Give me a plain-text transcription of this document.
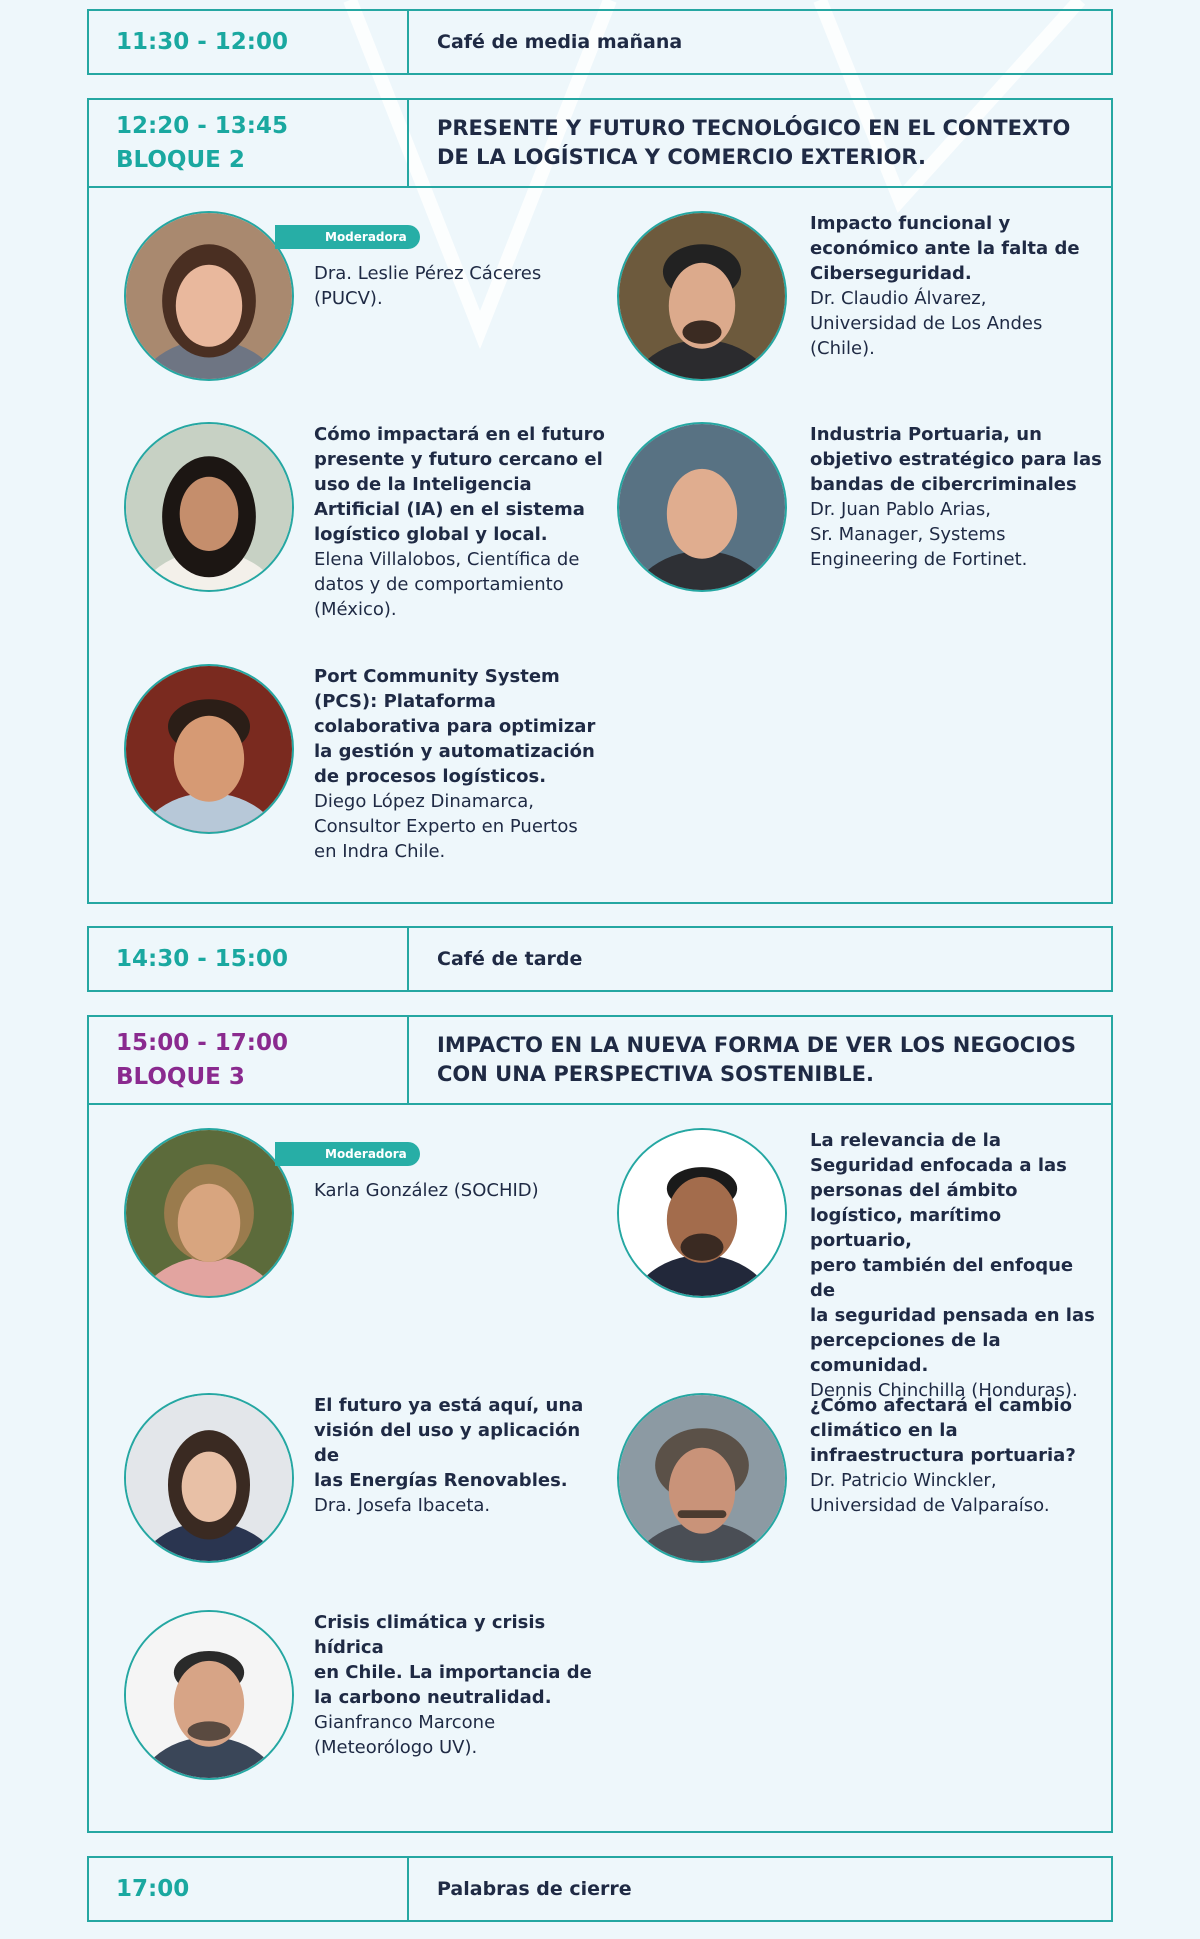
11:30 - 12:00	Café de media mañana
12:20 - 13:45
BLOQUE 2
PRESENTE Y FUTURO TECNOLÓGICO EN EL CONTEXTO
DE LA LOGÍSTICA Y COMERCIO EXTERIOR.
Moderadora
Dra. Leslie Pérez Cáceres
(PUCV).
Impacto funcional y
económico ante la falta de
Ciberseguridad.
Dr. Claudio Álvarez,
Universidad de Los Andes
(Chile).
Cómo impactará en el futuro
presente y futuro cercano el
uso de la Inteligencia
Artificial (IA) en el sistema
logístico global y local.
Elena Villalobos, Científica de
datos y de comportamiento
(México).
Industria Portuaria, un
objetivo estratégico para las
bandas de cibercriminales
Dr. Juan Pablo Arias,
Sr. Manager, Systems
Engineering de Fortinet.
Port Community System
(PCS): Plataforma
colaborativa para optimizar
la gestión y automatización
de procesos logísticos.
Diego López Dinamarca,
Consultor Experto en Puertos
en Indra Chile.
14:30 - 15:00	Café de tarde
15:00 - 17:00
BLOQUE 3
IMPACTO EN LA NUEVA FORMA DE VER LOS NEGOCIOS
CON UNA PERSPECTIVA SOSTENIBLE.
Moderadora
Karla González (SOCHID)
La relevancia de la
Seguridad enfocada a las
personas del ámbito
logístico, marítimo portuario,
pero también del enfoque de
la seguridad pensada en las
percepciones de la
comunidad.
Dennis Chinchilla (Honduras).
El futuro ya está aquí, una
visión del uso y aplicación de
las Energías Renovables.
Dra. Josefa Ibaceta.
¿Cómo afectará el cambio
climático en la
infraestructura portuaria?
Dr. Patricio Winckler,
Universidad de Valparaíso.
Crisis climática y crisis hídrica
en Chile. La importancia de
la carbono neutralidad.
Gianfranco Marcone
(Meteorólogo UV).
17:00	Palabras de cierre
